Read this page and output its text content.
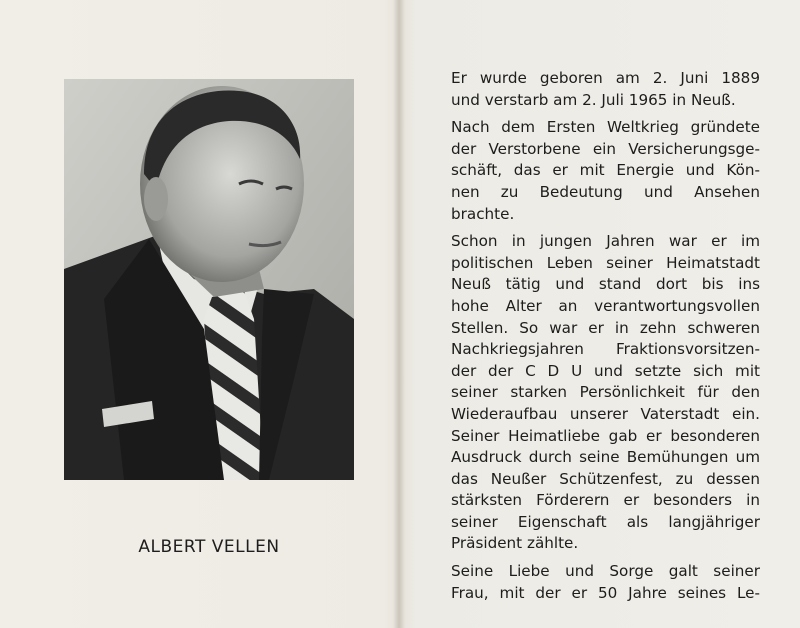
ALBERT VELLEN

Er wurde geboren am 2. Juni 1889
und verstarb am 2. Juli 1965 in Neuß.

Nach dem Ersten Weltkrieg gründete
der Verstorbene ein Versicherungsge-
schäft, das er mit Energie und Kön-
nen zu Bedeutung und Ansehen
brachte.

Schon in jungen Jahren war er im
politischen Leben seiner Heimatstadt
Neuß tätig und stand dort bis ins
hohe Alter an verantwortungsvollen
Stellen. So war er in zehn schweren
Nachkriegsjahren Fraktionsvorsitzen-
der der C D U und setzte sich mit
seiner starken Persönlichkeit für den
Wiederaufbau unserer Vaterstadt ein.
Seiner Heimatliebe gab er besonderen
Ausdruck durch seine Bemühungen um
das Neußer Schützenfest, zu dessen
stärksten Förderern er besonders in
seiner Eigenschaft als langjähriger
Präsident zählte.

Seine Liebe und Sorge galt seiner
Frau, mit der er 50 Jahre seines Le-
